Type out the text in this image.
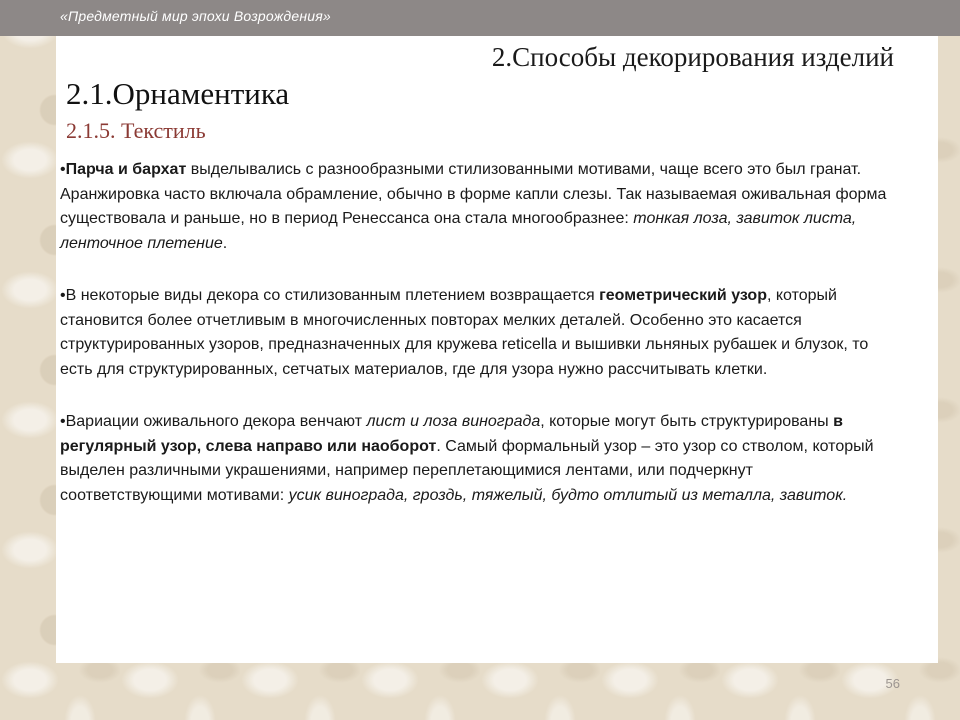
«Предметный мир эпохи Возрождения»
2.Способы декорирования изделий
2.1.Орнаментика
2.1.5. Текстиль

•Парча и бархат выделывались с разнообразными стилизованными мотивами, чаще всего это был гранат. Аранжировка часто включала обрамление, обычно в форме капли слезы. Так называемая оживальная форма существовала и раньше, но в период Ренессанса она стала многообразнее: тонкая лоза, завиток листа, ленточное плетение.

•В некоторые виды декора со стилизованным плетением возвращается геометрический узор, который становится более отчетливым в многочисленных повторах мелких деталей. Особенно это касается структурированных узоров, предназначенных для кружева reticella и вышивки льняных рубашек и блузок, то есть для структурированных, сетчатых материалов, где для узора нужно рассчитывать клетки.

•Вариации оживального декора венчают лист и лоза винограда, которые могут быть структурированы в регулярный узор, слева направо или наоборот. Самый формальный узор – это узор со стволом, который выделен различными украшениями, например переплетающимися лентами, или подчеркнут соответствующими мотивами: усик винограда, гроздь, тяжелый, будто отлитый из металла, завиток.

56
